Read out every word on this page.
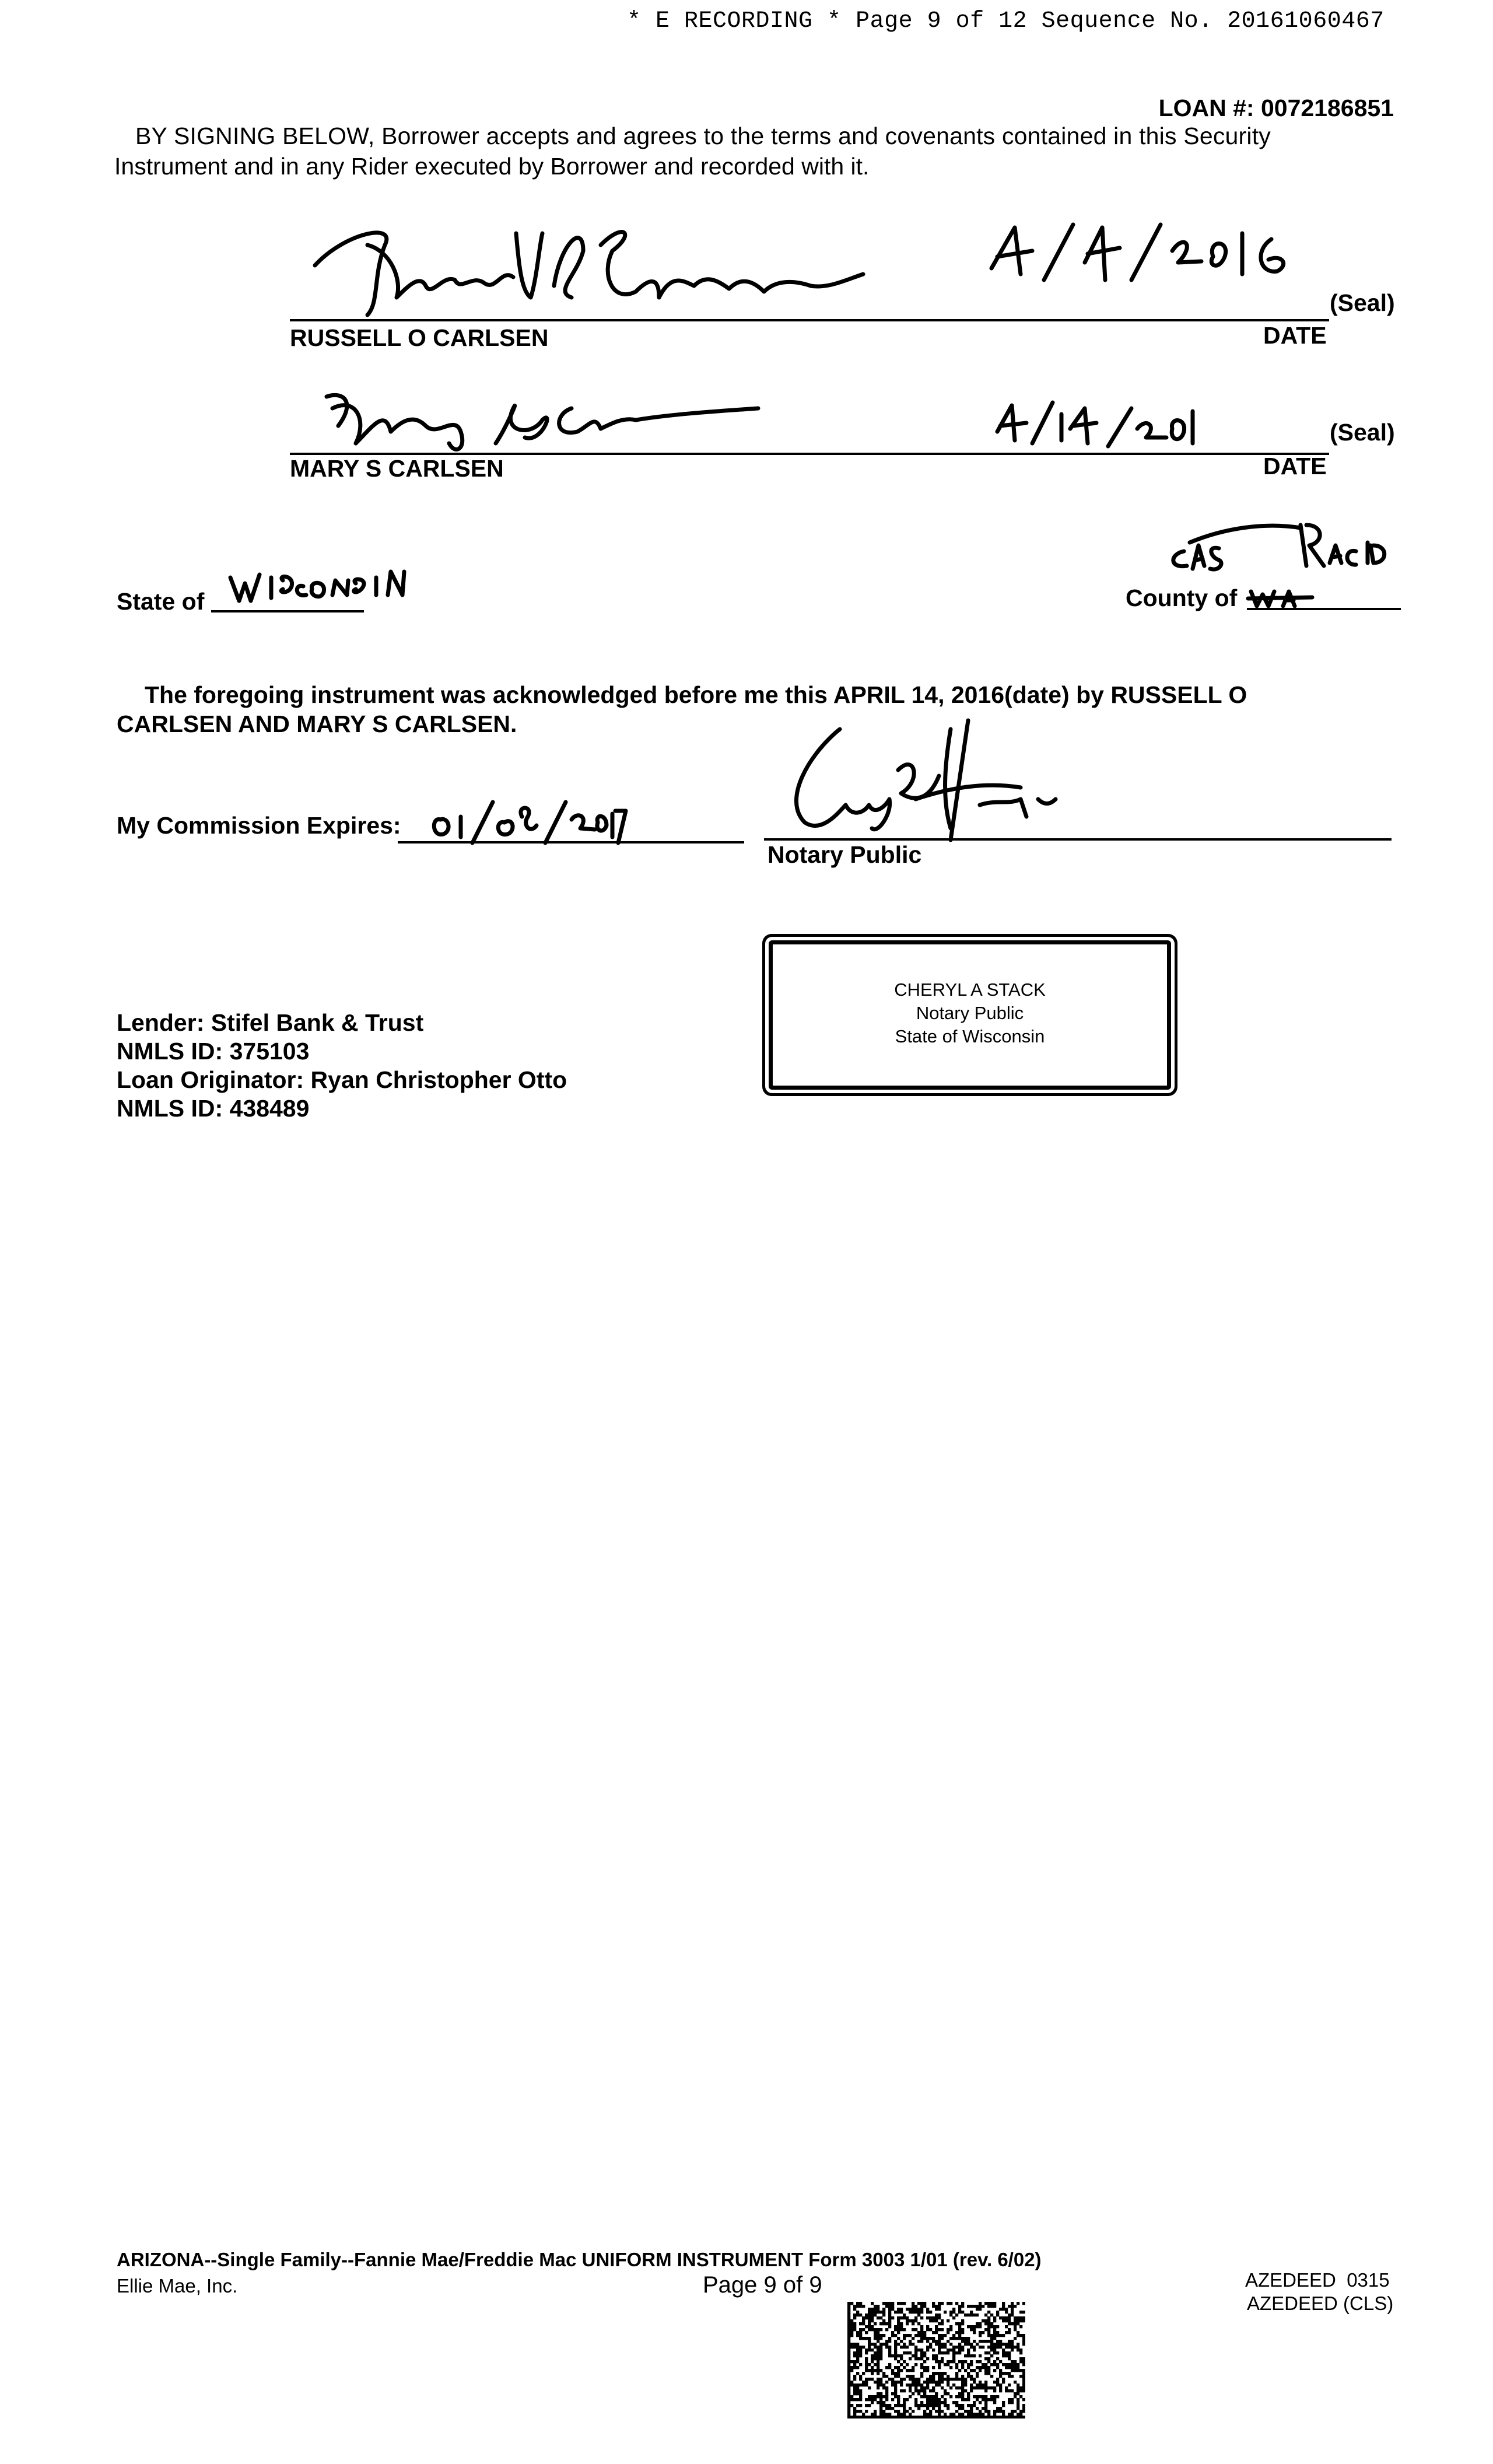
* E RECORDING * Page 9 of 12 Sequence No. 20161060467
LOAN #: 0072186851
BY SIGNING BELOW, Borrower accepts and agrees to the terms and covenants contained in this Security
Instrument and in any Rider executed by Borrower and recorded with it.
(Seal)
RUSSELL O CARLSEN	DATE
(Seal)
MARY S CARLSEN	DATE
State of	County of
The foregoing instrument was acknowledged before me this APRIL 14, 2016(date) by RUSSELL O
CARLSEN AND MARY S CARLSEN.
My Commission Expires:
Notary Public
CHERYL A STACK
Notary Public
State of Wisconsin
Lender: Stifel Bank & Trust
NMLS ID: 375103
Loan Originator: Ryan Christopher Otto
NMLS ID: 438489
ARIZONA--Single Family--Fannie Mae/Freddie Mac UNIFORM INSTRUMENT Form 3003 1/01 (rev. 6/02)
Ellie Mae, Inc.	Page 9 of 9	AZEDEED  0315
AZEDEED (CLS)
